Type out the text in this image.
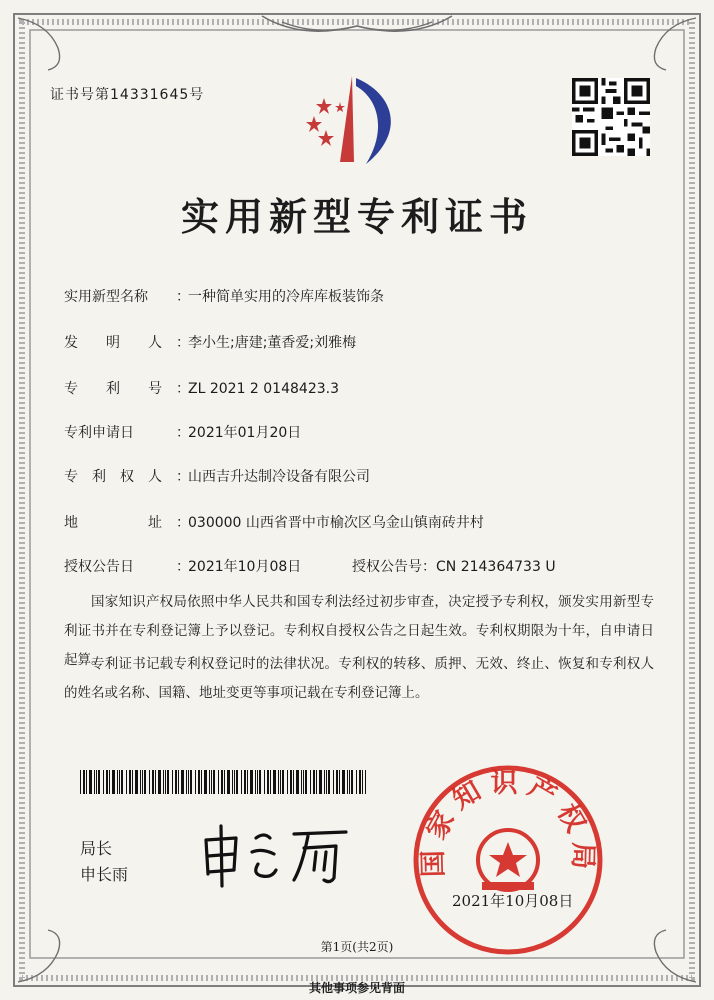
证书号第14331645号
实用新型专利证书
实用新型名称 ：一种简单实用的冷库库板装饰条
发　　明　　人 ：李小生;唐建;董香爱;刘雅梅
专　　利　　号 ：ZL 2021 2 0148423.3
专利申请日	：2021年01月20日
专　利　权　人 ：山西吉升达制冷设备有限公司
地　　　　　址 ：030000 山西省晋中市榆次区乌金山镇南砖井村
授权公告日	：2021年10月08日	授权公告号：CN 214364733 U
国家知识产权局依照中华人民共和国专利法经过初步审查，决定授予专利权，颁发实用新型专利证书并在专利登记簿上予以登记。专利权自授权公告之日起生效。专利权期限为十年，自申请日起算。
专利证书记载专利权登记时的法律状况。专利权的转移、质押、无效、终止、恢复和专利权人的姓名或名称、国籍、地址变更等事项记载在专利登记簿上。
局长
申长雨	国家知识产权局
2021年10月08日
第1页(共2页)
其他事项参见背面
